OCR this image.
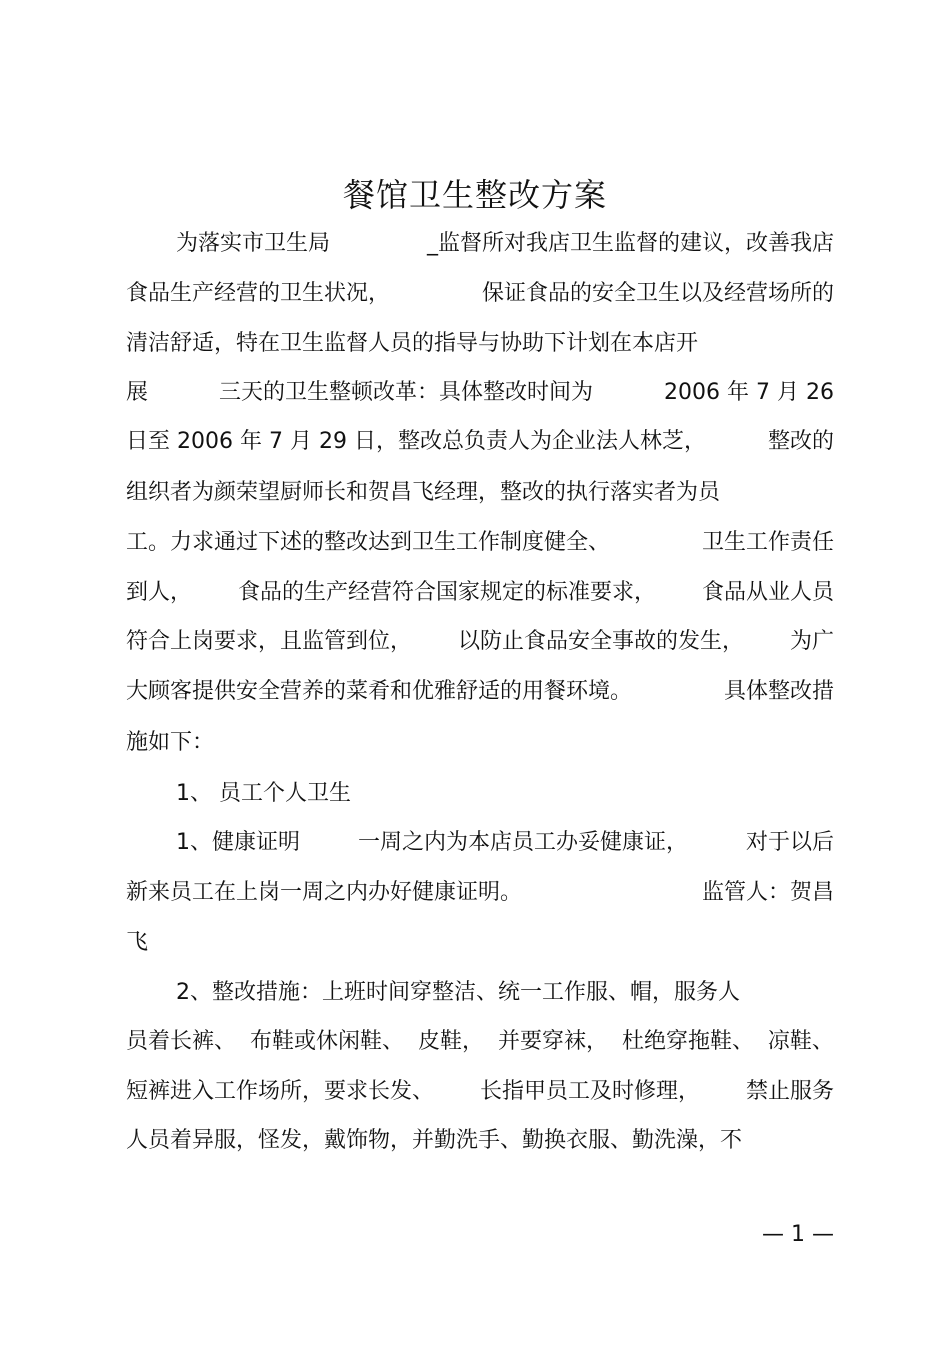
餐馆卫生整改方案
为落实市卫生局	_监督所对我店卫生监督的建议，改善我店
食品生产经营的卫生状况，	保证食品的安全卫生以及经营场所的
清洁舒适，特在卫生监督人员的指导与协助下计划在本店开
展	三天的卫生整顿改革：具体整改时间为	2006 年 7 月 26
日至 2006 年 7 月 29 日，整改总负责人为企业法人林芝，	整改的
组织者为颜荣望厨师长和贺昌飞经理，整改的执行落实者为员
工。力求通过下述的整改达到卫生工作制度健全、	卫生工作责任
到人， 食品的生产经营符合国家规定的标准要求， 食品从业人员
符合上岗要求，且监管到位， 以防止食品安全事故的发生， 为广
大顾客提供安全营养的菜肴和优雅舒适的用餐环境。	具体整改措
施如下：
1、 员工个人卫生
1、健康证明	一周之内为本店员工办妥健康证，	对于以后
新来员工在上岗一周之内办好健康证明。	监管人：贺昌
飞
2、整改措施：上班时间穿整洁、统一工作服、帽，服务人
员着长裤、 布鞋或休闲鞋、 皮鞋， 并要穿袜， 杜绝穿拖鞋、 凉鞋、
短裤进入工作场所，要求长发、 长指甲员工及时修理， 禁止服务
人员着异服，怪发，戴饰物，并勤洗手、勤换衣服、勤洗澡，不
— 1 —
